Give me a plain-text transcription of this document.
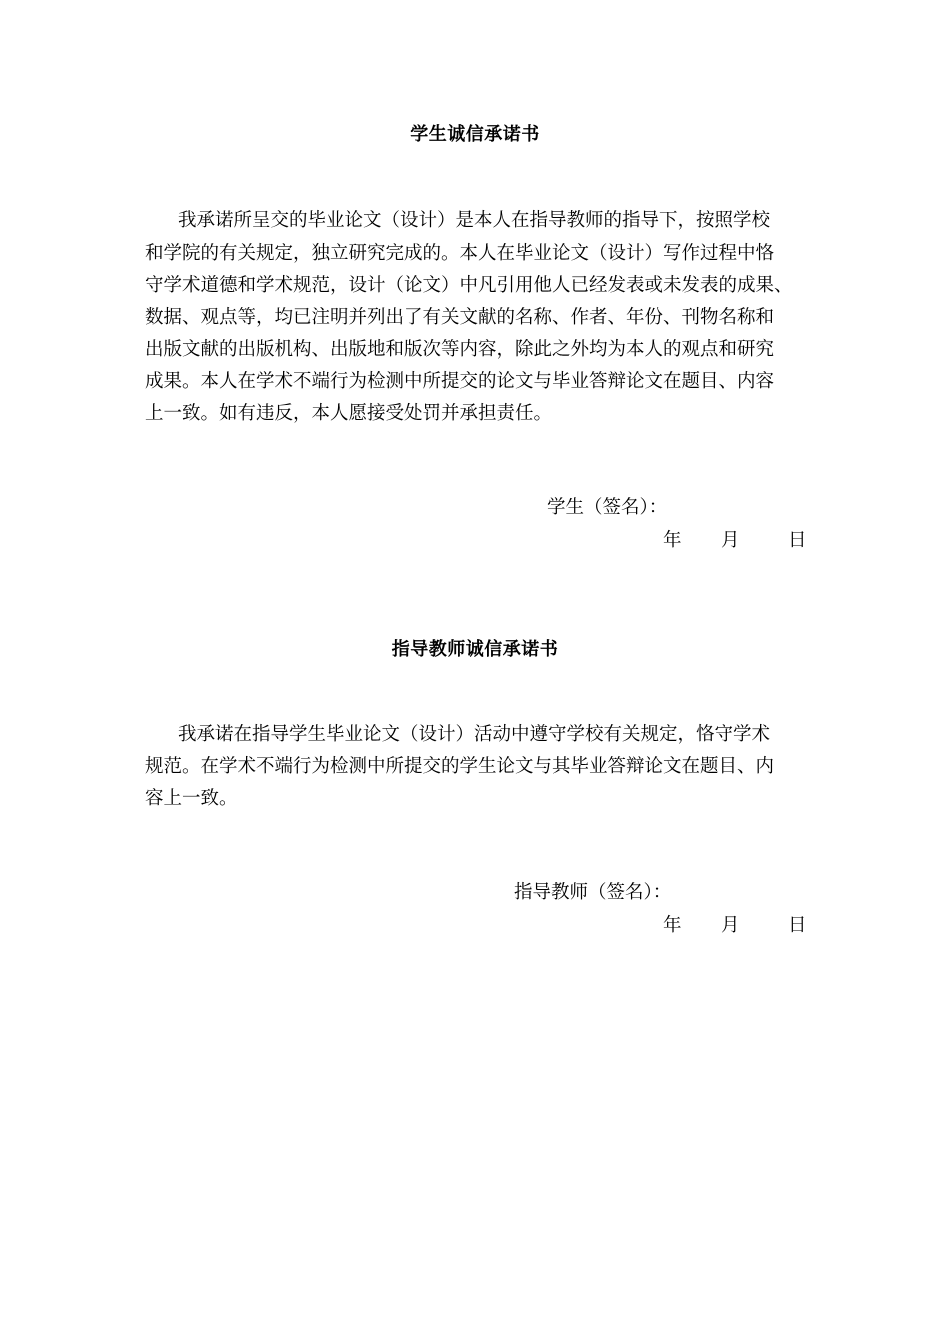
学生诚信承诺书
我承诺所呈交的毕业论文（设计）是本人在指导教师的指导下，按照学校
和学院的有关规定，独立研究完成的。本人在毕业论文（设计）写作过程中恪
守学术道德和学术规范，设计（论文）中凡引用他人已经发表或未发表的成果、
数据、观点等，均已注明并列出了有关文献的名称、作者、年份、刊物名称和
出版文献的出版机构、出版地和版次等内容，除此之外均为本人的观点和研究
成果。本人在学术不端行为检测中所提交的论文与毕业答辩论文在题目、内容
上一致。如有违反，本人愿接受处罚并承担责任。
学生（签名）：
年 月	日
指导教师诚信承诺书
我承诺在指导学生毕业论文（设计）活动中遵守学校有关规定，恪守学术
规范。在学术不端行为检测中所提交的学生论文与其毕业答辩论文在题目、内
容上一致。
指导教师（签名）：
年 月	日
